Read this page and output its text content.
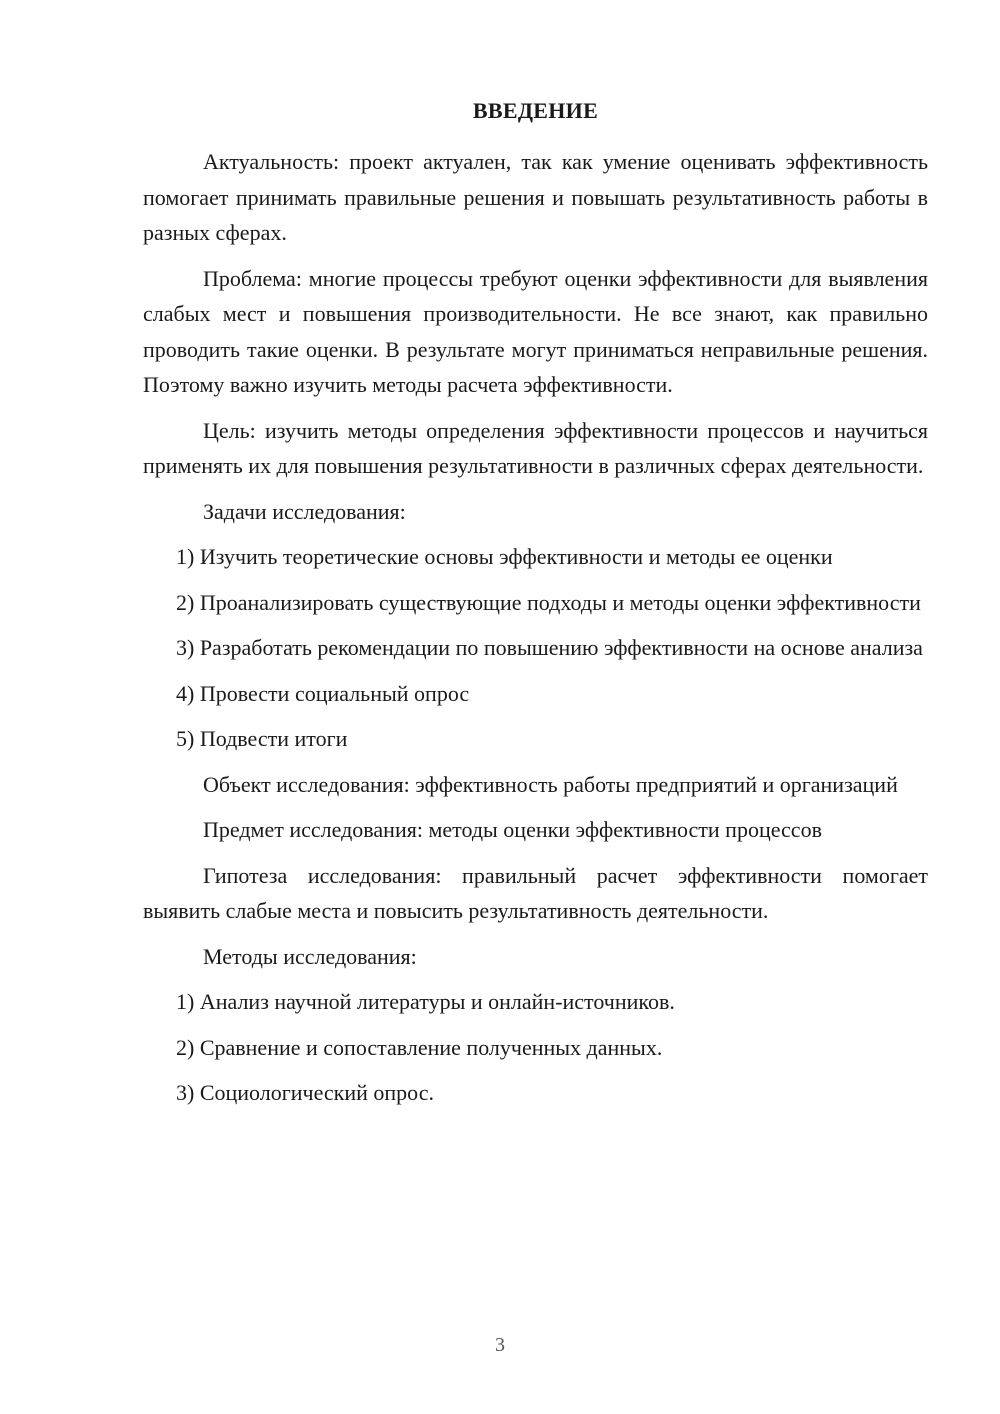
ВВЕДЕНИЕ

Актуальность: проект актуален, так как умение оценивать эффективность помогает принимать правильные решения и повышать результативность работы в разных сферах.

Проблема: многие процессы требуют оценки эффективности для выявления слабых мест и повышения производительности. Не все знают, как правильно проводить такие оценки. В результате могут приниматься неправильные решения. Поэтому важно изучить методы расчета эффективности.

Цель: изучить методы определения эффективности процессов и научиться применять их для повышения результативности в различных сферах деятельности.

Задачи исследования:

1) Изучить теоретические основы эффективности и методы ее оценки

2) Проанализировать существующие подходы и методы оценки эффективности

3) Разработать рекомендации по повышению эффективности на основе анализа

4) Провести социальный опрос

5) Подвести итоги

Объект исследования: эффективность работы предприятий и организаций

Предмет исследования: методы оценки эффективности процессов

Гипотеза исследования: правильный расчет эффективности помогает выявить слабые места и повысить результативность деятельности.

Методы исследования:

1) Анализ научной литературы и онлайн-источников.

2) Сравнение и сопоставление полученных данных.

3) Социологический опрос.

3
